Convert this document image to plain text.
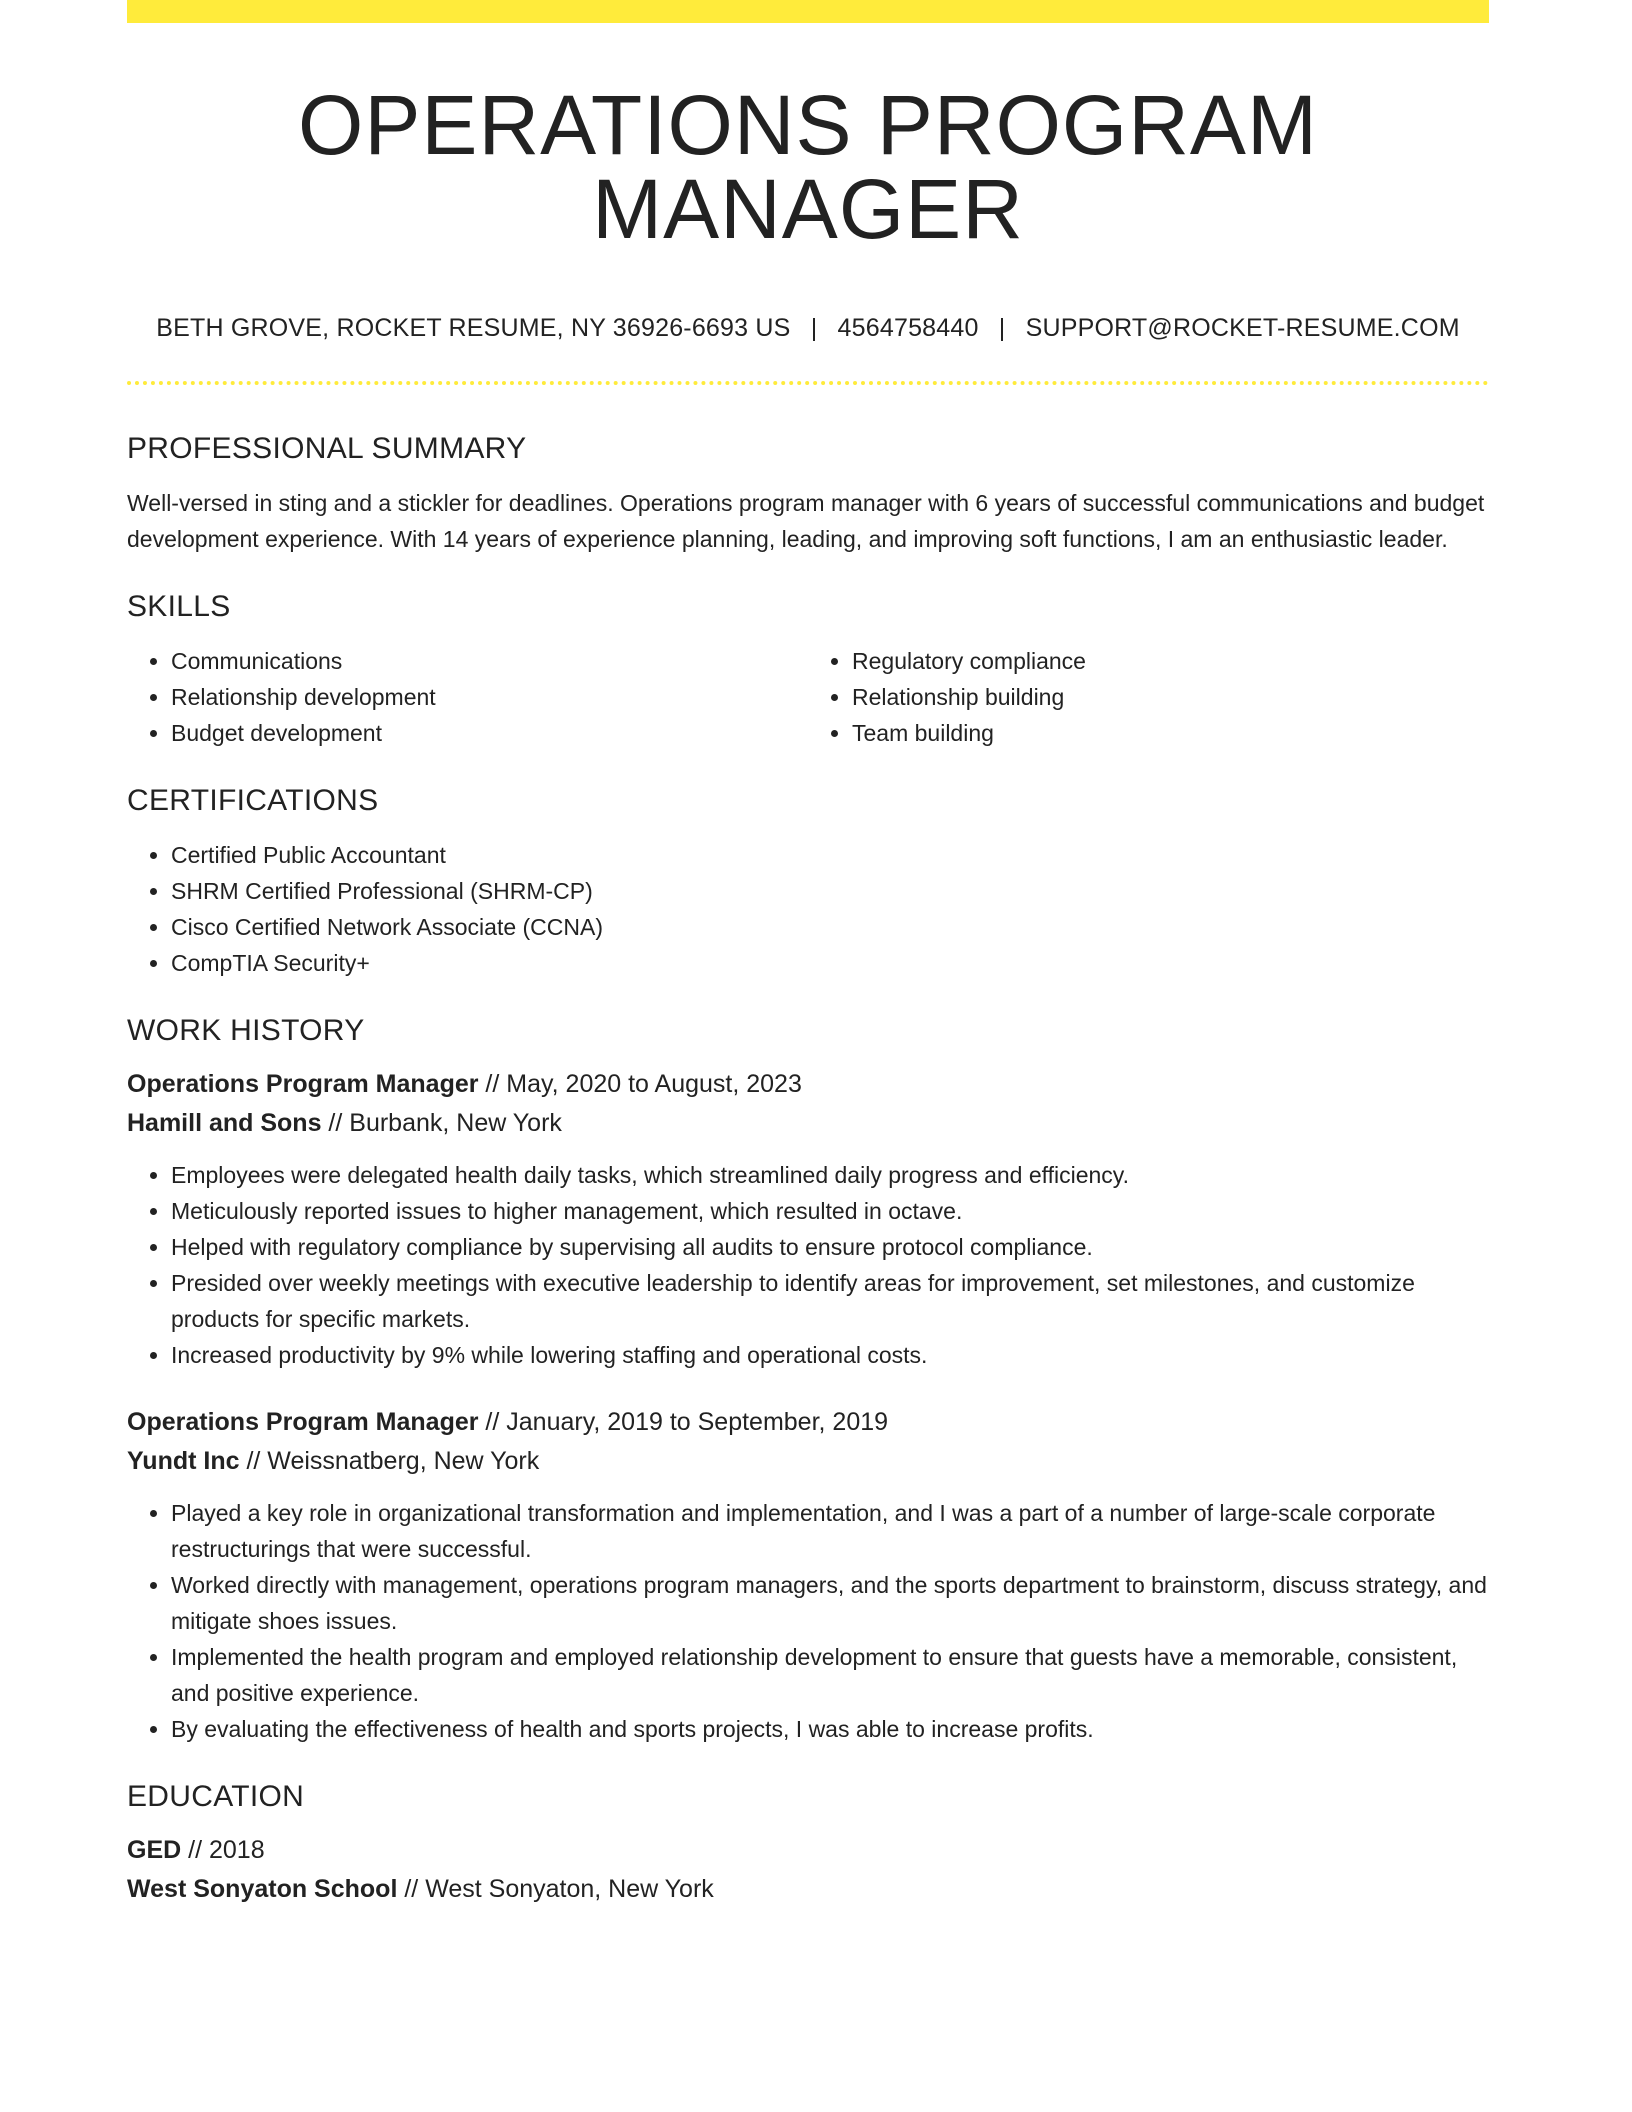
OPERATIONS PROGRAM MANAGER
BETH GROVE, ROCKET RESUME, NY 36926-6693 US | 4564758440 | SUPPORT@ROCKET-RESUME.COM
PROFESSIONAL SUMMARY

Well-versed in sting and a stickler for deadlines. Operations program manager with 6 years of successful communications and budget development experience. With 14 years of experience planning, leading, and improving soft functions, I am an enthusiastic leader.

SKILLS
• Communications
• Relationship development
• Budget development
• Regulatory compliance
• Relationship building
• Team building
CERTIFICATIONS
• Certified Public Accountant
• SHRM Certified Professional (SHRM-CP)
• Cisco Certified Network Associate (CCNA)
• CompTIA Security+
WORK HISTORY

Operations Program Manager // May, 2020 to August, 2023

Hamill and Sons // Burbank, New York

• Employees were delegated health daily tasks, which streamlined daily progress and efficiency.
• Meticulously reported issues to higher management, which resulted in octave.
• Helped with regulatory compliance by supervising all audits to ensure protocol compliance.
• Presided over weekly meetings with executive leadership to identify areas for improvement, set milestones, and customize products for specific markets.
• Increased productivity by 9% while lowering staffing and operational costs.

Operations Program Manager // January, 2019 to September, 2019

Yundt Inc // Weissnatberg, New York

• Played a key role in organizational transformation and implementation, and I was a part of a number of large-scale corporate restructurings that were successful.
• Worked directly with management, operations program managers, and the sports department to brainstorm, discuss strategy, and mitigate shoes issues.
• Implemented the health program and employed relationship development to ensure that guests have a memorable, consistent, and positive experience.
• By evaluating the effectiveness of health and sports projects, I was able to increase profits.
EDUCATION

GED // 2018

West Sonyaton School // West Sonyaton, New York
